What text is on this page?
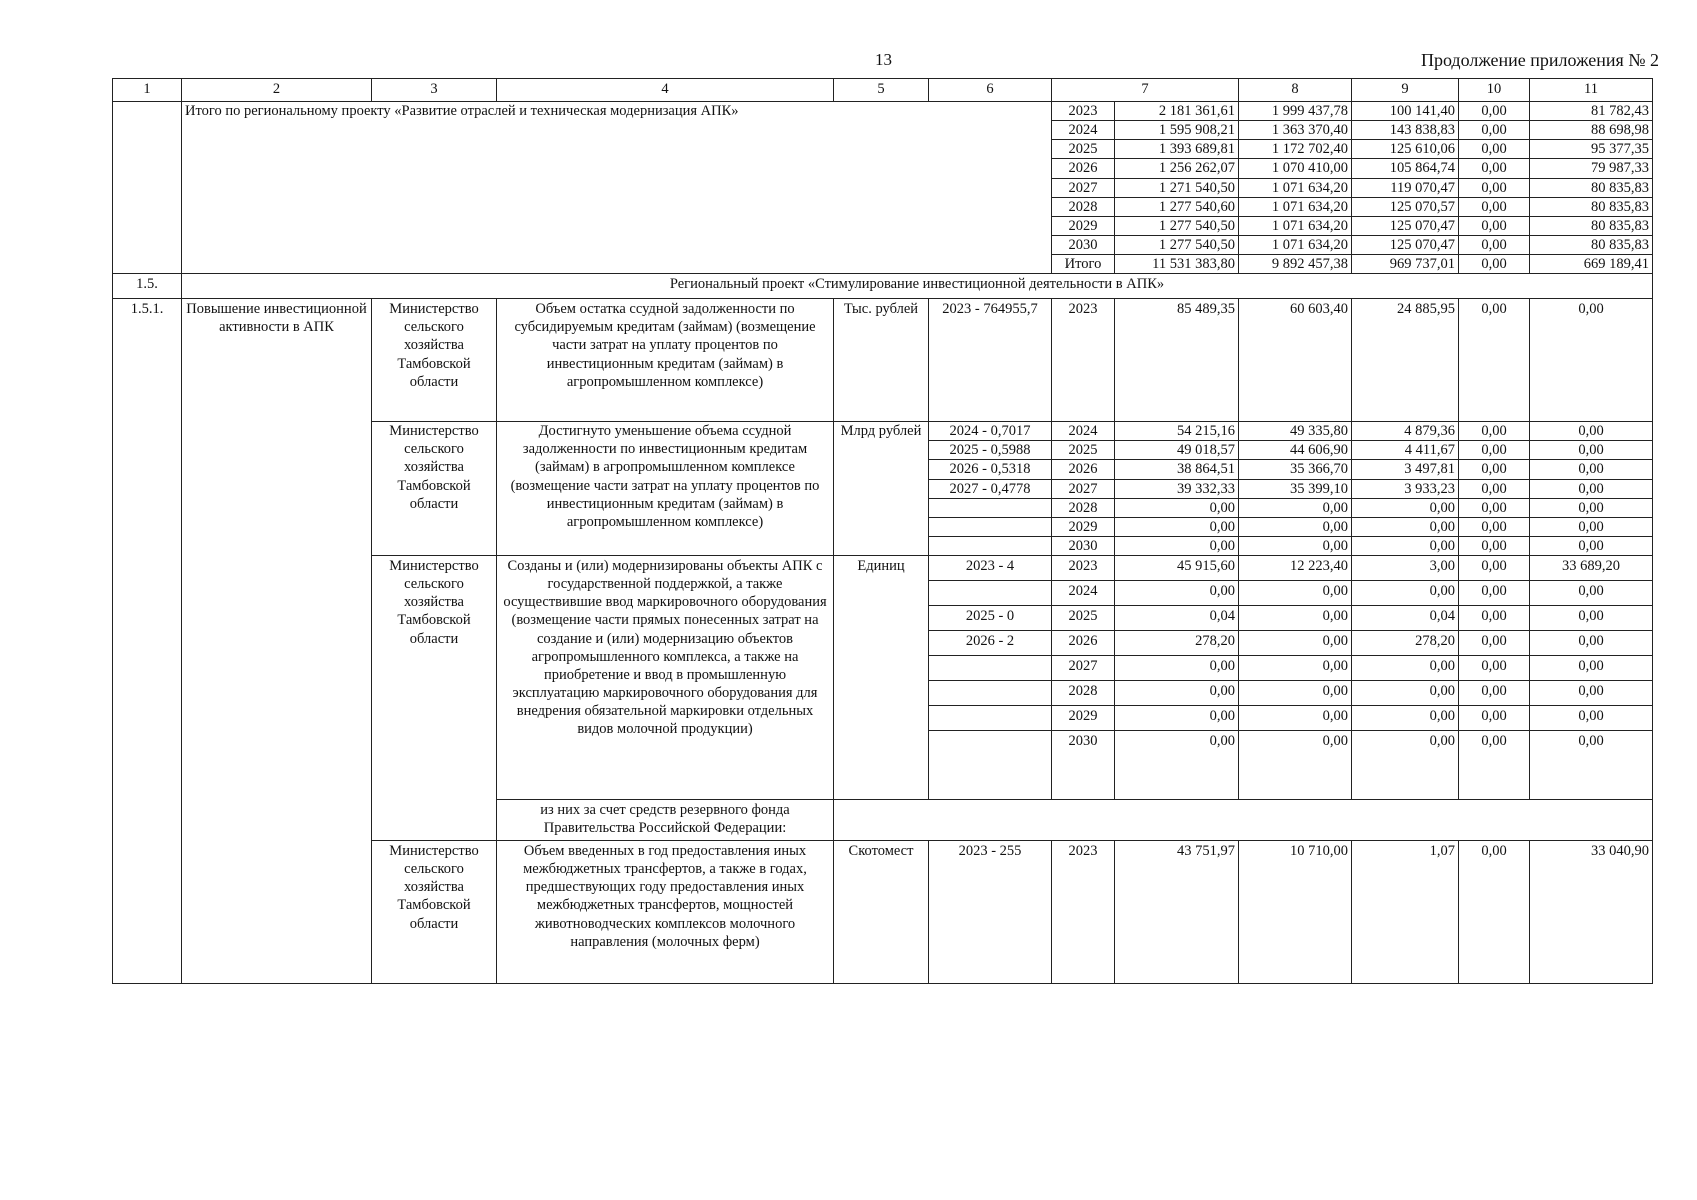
13	Продолжение приложения № 2
1	2	3	4	5	6	7		8	9	10	11
	Итого по региональному проекту «Развитие отраслей и техническая модернизация АПК»					2023	2 181 361,61	1 999 437,78	100 141,40	0,00	81 782,43
						2024	1 595 908,21	1 363 370,40	143 838,83	0,00	88 698,98
						2025	1 393 689,81	1 172 702,40	125 610,06	0,00	95 377,35
						2026	1 256 262,07	1 070 410,00	105 864,74	0,00	79 987,33
						2027	1 271 540,50	1 071 634,20	119 070,47	0,00	80 835,83
						2028	1 277 540,60	1 071 634,20	125 070,57	0,00	80 835,83
						2029	1 277 540,50	1 071 634,20	125 070,47	0,00	80 835,83
						2030	1 277 540,50	1 071 634,20	125 070,47	0,00	80 835,83
						Итого	11 531 383,80	9 892 457,38	969 737,01	0,00	669 189,41
1.5.	Региональный проект «Стимулирование инвестиционной деятельности в АПК»										
1.5.1.	Повышение инвестиционной активности в АПК	Министерство сельского хозяйства Тамбовской области	Объем остатка ссудной задолженности по субсидируемым кредитам (займам) (возмещение части затрат на уплату процентов по инвестиционным кредитам (займам) в агропромышленном комплексе)	Тыс. рублей	2023 - 764955,7	2023	85 489,35	60 603,40	24 885,95	0,00	0,00
		Министерство сельского хозяйства Тамбовской области	Достигнуто уменьшение объема ссудной задолженности по инвестиционным кредитам (займам) в агропромышленном комплексе (возмещение части затрат на уплату процентов по инвестиционным кредитам (займам) в агропромышленном комплексе)	Млрд рублей	2024 - 0,7017	2024	54 215,16	49 335,80	4 879,36	0,00	0,00
					2025 - 0,5988	2025	49 018,57	44 606,90	4 411,67	0,00	0,00
					2026 - 0,5318	2026	38 864,51	35 366,70	3 497,81	0,00	0,00
					2027 - 0,4778	2027	39 332,33	35 399,10	3 933,23	0,00	0,00
						2028	0,00	0,00	0,00	0,00	0,00
						2029	0,00	0,00	0,00	0,00	0,00
						2030	0,00	0,00	0,00	0,00	0,00
		Министерство сельского хозяйства Тамбовской области	Созданы и (или) модернизированы объекты АПК с государственной поддержкой, а также осуществившие ввод маркировочного оборудования (возмещение части прямых понесенных затрат на создание и (или) модернизацию объектов агропромышленного комплекса, а также на приобретение и ввод в промышленную эксплуатацию маркировочного оборудования для внедрения обязательной маркировки отдельных видов молочной продукции)	Единиц	2023 - 4	2023	45 915,60	12 223,40	3,00	0,00	33 689,20
						2024	0,00	0,00	0,00	0,00	0,00
					2025 - 0	2025	0,04	0,00	0,04	0,00	0,00
					2026 - 2	2026	278,20	0,00	278,20	0,00	0,00
						2027	0,00	0,00	0,00	0,00	0,00
						2028	0,00	0,00	0,00	0,00	0,00
						2029	0,00	0,00	0,00	0,00	0,00
						2030	0,00	0,00	0,00	0,00	0,00
			из них за счет средств резервного фонда Правительства Российской Федерации:								
		Министерство сельского хозяйства Тамбовской области	Объем введенных в год предоставления иных межбюджетных трансфертов, а также в годах, предшествующих году предоставления иных межбюджетных трансфертов, мощностей животноводческих комплексов молочного направления (молочных ферм)	Скотомест	2023 - 255	2023	43 751,97	10 710,00	1,07	0,00	33 040,90
